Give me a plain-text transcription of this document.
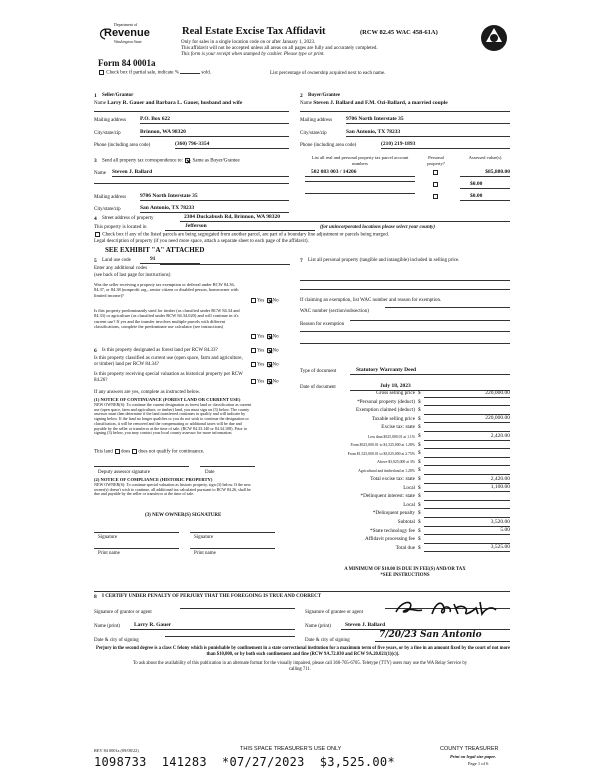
Department of
Revenue
Washington State
Real Estate Excise Tax Affidavit	(RCW 82.45 WAC 458-61A)
Only for sales in a single location code on or after January 1, 2023.
This affidavit will not be accepted unless all areas on all pages are fully and accurately completed.
This form is your receipt when stamped by cashier. Please type or print.
Form 84 0001a
Check box if partial sale, indicate %	sold.	List percentage of ownership acquired next to each name.
1 Seller/Grantor
Name Larry R. Gauer and Barbara L. Gauer, husband and wife
Mailing address	P.O. Box 622
City/state/zip	Brinnon, WA 98320
Phone (including area code)	(360) 796-3354
2 Buyer/Grantee
Name Steven J. Ballard and F.M. Ozi-Ballard, a married couple
Mailing address	9706 North Interstate 35
City/state/zip	San Antonio, TX 78233
Phone (including area code)	(210) 219-1893
3 Send all property tax correspondence to: Same as Buyer/Grantee
Name Steven J. Ballard
Mailing address	9706 North Interstate 35
City/state/zip	San Antonio, TX 78233
List all real and personal property tax parcel account numbers
Personal property?
Assessed value(s)
502 083 003 / 14206	$85,880.00
$0.00
$0.00
4 Street address of property	2304 Duckabush Rd, Brinnon, WA 98320
This property is located in	Jefferson	(for unincorporated locations please select your county)
Check box if any of the listed parcels are being segregated from another parcel, are part of a boundary line adjustment or parcels being merged.
Legal description of property (if you need more space, attach a separate sheet to each page of the affidavit).
SEE EXHIBIT "A" ATTACHED
5 Land use code	91
Enter any additional codes
(see back of last page for instructions)
Was the seller receiving a property tax exemption or deferral under RCW 84.36, 84.37, or 84.38 (nonprofit org., senior citizen or disabled person, homeowner with limited income)?
Yes No
Is this property predominantly used for timber (as classified under RCW 84.34 and 84.33) or agriculture (as classified under RCW 84.34.020) and will continue in it's current use? If yes and the transfer involves multiple parcels with different classifications, complete the predominate use calculator (see instructions)
Yes No
6 Is this property designated as forest land per RCW 84.33?	Yes No
Is this property classified as current use (open space, farm and agriculture, or timber) land per RCW 84.34?	Yes No
Is this property receiving special valuation as historical property per RCW 84.26?	Yes No
If any answers are yes, complete as instructed below.
(1) NOTICE OF CONTINUANCE (FOREST LAND OR CURRENT USE)
NEW OWNER(S): To continue the current designation as forest land or classification as current use (open space, farm and agriculture, or timber) land, you must sign on (3) below. The county assessor must then determine if the land transferred continues to qualify and will indicate by signing below. If the land no longer qualifies or you do not wish to continue the designation or classification, it will be removed and the compensating or additional taxes will be due and payable by the seller or transferor at the time of sale. (RCW 84.33.140 or 84.34.108). Prior to signing (3) below, you may contact your local county assessor for more information.
This land does does not qualify for continuance.
Deputy assessor signature	Date
(2) NOTICE OF COMPLIANCE (HISTORIC PROPERTY)
NEW OWNER(S): To continue special valuation as historic property, sign (3) below. If the new owner(s) doesn't wish to continue, all additional tax calculated pursuant to RCW 84.26, shall be due and payable by the seller or transferor at the time of sale.
(3) NEW OWNER(S) SIGNATURE
Signature	Signature
Print name	Print name
7 List all personal property (tangible and intangible) included in selling price.
If claiming an exemption, list WAC number and reason for exemption.
WAC number (section/subsection)
Reason for exemption
Type of document	Statutory Warranty Deed
Date of document	July 18, 2023
Gross selling price $	220,000.00
*Personal property (deduct) $
Exemption claimed (deduct) $
Taxable selling price $	220,000.00
Excise tax: state $
Less than $525,000.01 at 1.1% $	2,420.00
From $525,000.01 to $1,525,000 at 1.28% $
From $1,525,000.01 to $3,025,000 at 2.75% $
Above $3,025,000 at 3% $
Agricultural and timberland at 1.28% $
Total excise tax: state $	2,420.00
Local $	1,100.00
*Delinquent interest: state $
Local $
*Delinquent penalty $
Subtotal $	3,520.00
*State technology fee $	5.00
Affidavit processing fee $
Total due $	3,525.00
A MINIMUM OF $10.00 IS DUE IN FEE(S) AND/OR TAX
*SEE INSTRUCTIONS
8 I CERTIFY UNDER PENALTY OF PERJURY THAT THE FOREGOING IS TRUE AND CORRECT
Signature of grantor or agent	Signature of grantee or agent
Name (print)	Larry R. Gauer	Name (print)	Steven J. Ballard
Date & city of signing	Date & city of signing
7/20/23 San Antonio
Perjury in the second degree is a class C felony which is punishable by confinement in a state correctional institution for a maximum term of five years, or by a fine in an amount fixed by the court of not more than $10,000, or by both such confinement and fine (RCW 9A.72.030 and RCW 9A.20.021(1)(c)).
To ask about the availability of this publication in an alternate format for the visually impaired, please call 360-705-6705. Teletype (TTY) users may use the WA Relay Service by calling 711.
REV 84 0001a (09/08/22)	THIS SPACE TREASURER'S USE ONLY	COUNTY TREASURER
1098733  141283  *07/27/2023  $3,525.00*	Print on legal size paper.
Page 1 of 6
